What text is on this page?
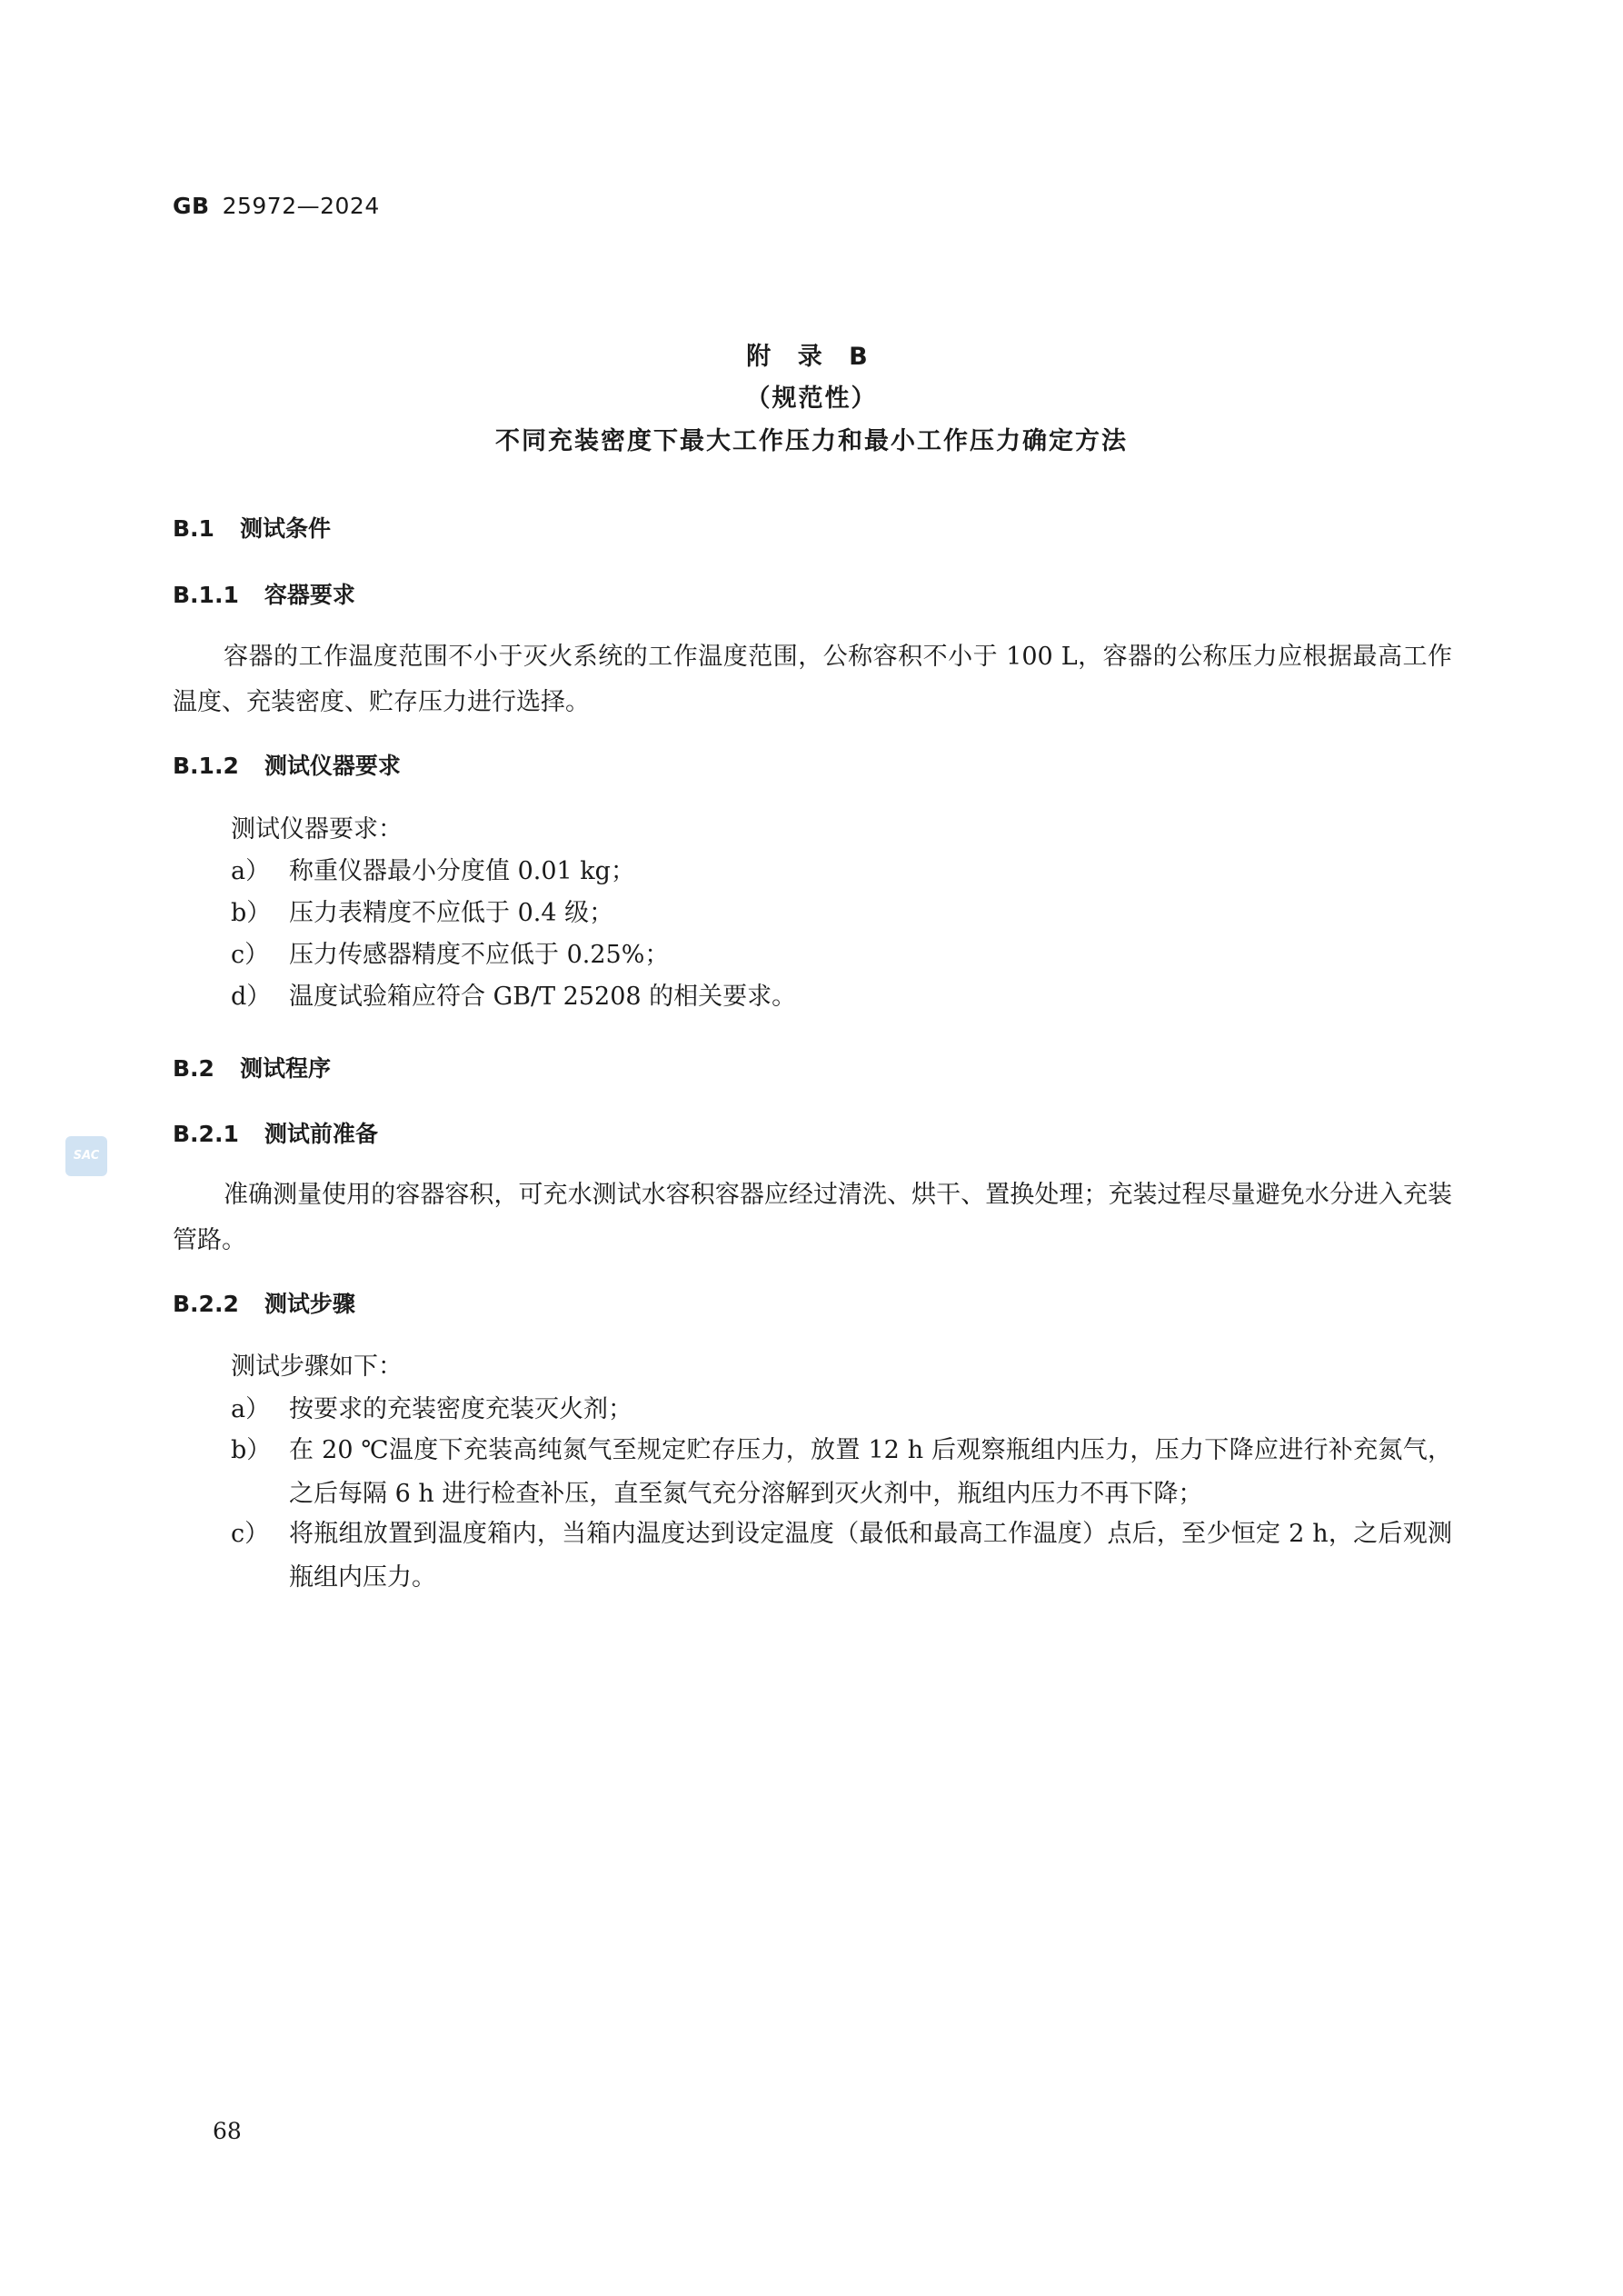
GB 25972—2024
附 录 B
（规范性）
不同充装密度下最大工作压力和最小工作压力确定方法
B.1 测试条件
B.1.1 容器要求
容器的工作温度范围不小于灭火系统的工作温度范围，公称容积不小于 100 L，容器的公称压力应根据最高工作温度、充装密度、贮存压力进行选择。
B.1.2 测试仪器要求
测试仪器要求：
a） 称重仪器最小分度值 0.01 kg；
b） 压力表精度不应低于 0.4 级；
c） 压力传感器精度不应低于 0.25%；
d） 温度试验箱应符合 GB/T 25208 的相关要求。
B.2 测试程序
B.2.1 测试前准备
准确测量使用的容器容积，可充水测试水容积容器应经过清洗、烘干、置换处理；充装过程尽量避免水分进入充装管路。
B.2.2 测试步骤
测试步骤如下：
a） 按要求的充装密度充装灭火剂；
b） 在 20 ℃温度下充装高纯氮气至规定贮存压力，放置 12 h 后观察瓶组内压力，压力下降应进行补充氮气，之后每隔 6 h 进行检查补压，直至氮气充分溶解到灭火剂中，瓶组内压力不再下降；
c） 将瓶组放置到温度箱内，当箱内温度达到设定温度（最低和最高工作温度）点后，至少恒定 2 h，之后观测瓶组内压力。
SAC
68
